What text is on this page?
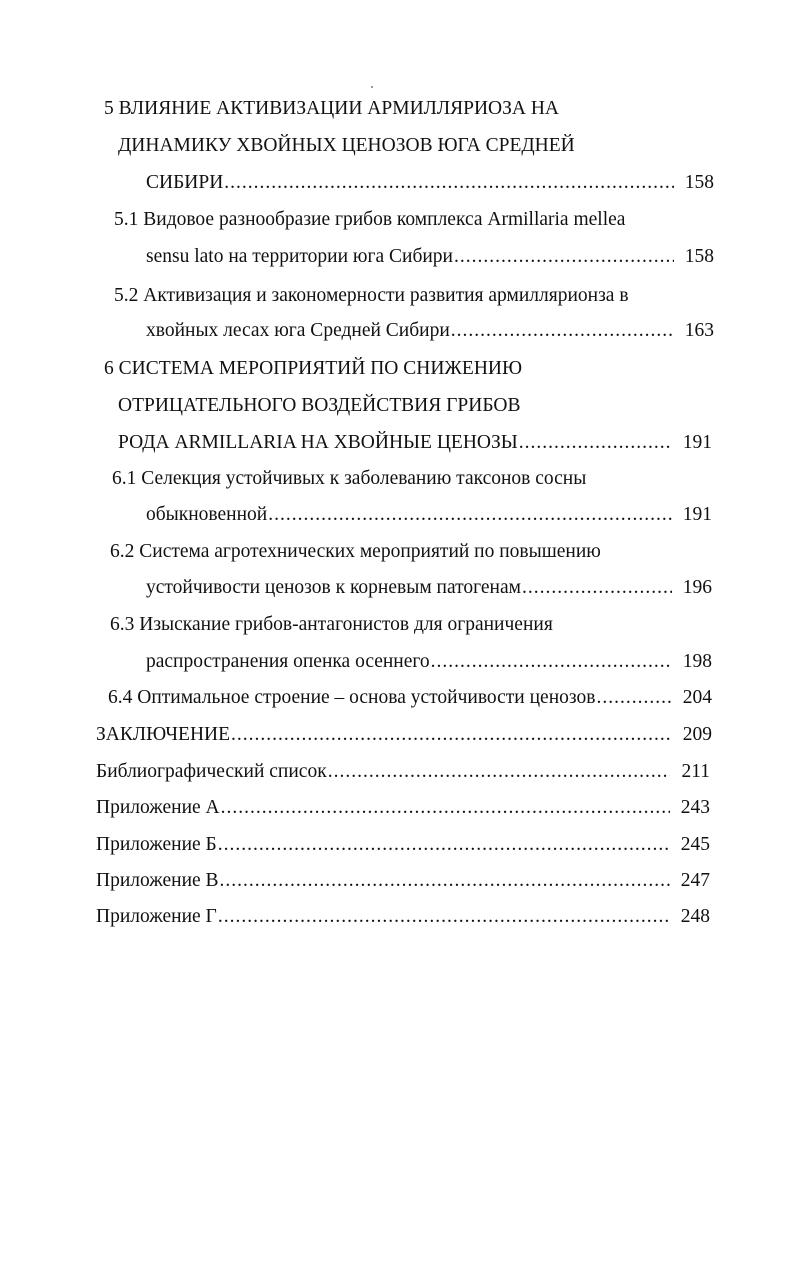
5 ВЛИЯНИЕ АКТИВИЗАЦИИ АРМИЛЛЯРИОЗА НА
ДИНАМИКУ ХВОЙНЫХ ЦЕНОЗОВ ЮГА СРЕДНЕЙ
СИБИРИ .....	158
5.1 Видовое разнообразие грибов комплекса Armillaria mellea
sensu lato на территории юга Сибири .....	158
5.2 Активизация и закономерности развития армиллярионза в
хвойных лесах юга Средней Сибири .....	163
6 СИСТЕМА МЕРОПРИЯТИЙ ПО СНИЖЕНИЮ
ОТРИЦАТЕЛЬНОГО ВОЗДЕЙСТВИЯ ГРИБОВ
РОДА ARMILLARIA НА ХВОЙНЫЕ ЦЕНОЗЫ .....	191
6.1 Селекция устойчивых к заболеванию таксонов сосны
обыкновенной .....	191
6.2 Система агротехнических мероприятий по повышению
устойчивости ценозов к корневым патогенам .....	196
6.3 Изыскание грибов-антагонистов для ограничения
распространения опенка осеннего .....	198
6.4 Оптимальное строение – основа устойчивости ценозов .....	204
ЗАКЛЮЧЕНИЕ .....	209
Библиографический список .....	211
Приложение А .....	243
Приложение Б .....	245
Приложение В .....	247
Приложение Г .....	248
